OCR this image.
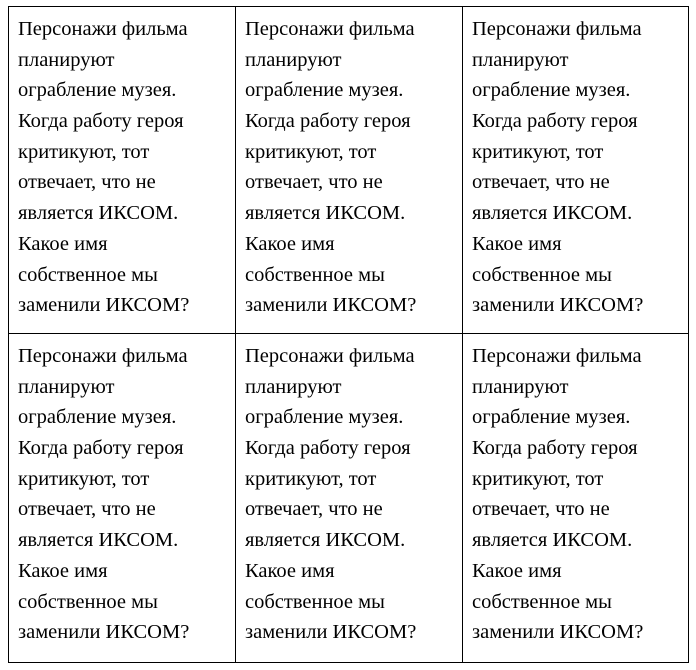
Персонажи фильма
планируют
ограбление музея.
Когда работу героя
критикуют, тот
отвечает, что не
является ИКСОМ.
Какое имя
собственное мы
заменили ИКСОМ?
Персонажи фильма
планируют
ограбление музея.
Когда работу героя
критикуют, тот
отвечает, что не
является ИКСОМ.
Какое имя
собственное мы
заменили ИКСОМ?
Персонажи фильма
планируют
ограбление музея.
Когда работу героя
критикуют, тот
отвечает, что не
является ИКСОМ.
Какое имя
собственное мы
заменили ИКСОМ?
Персонажи фильма
планируют
ограбление музея.
Когда работу героя
критикуют, тот
отвечает, что не
является ИКСОМ.
Какое имя
собственное мы
заменили ИКСОМ?
Персонажи фильма
планируют
ограбление музея.
Когда работу героя
критикуют, тот
отвечает, что не
является ИКСОМ.
Какое имя
собственное мы
заменили ИКСОМ?
Персонажи фильма
планируют
ограбление музея.
Когда работу героя
критикуют, тот
отвечает, что не
является ИКСОМ.
Какое имя
собственное мы
заменили ИКСОМ?
